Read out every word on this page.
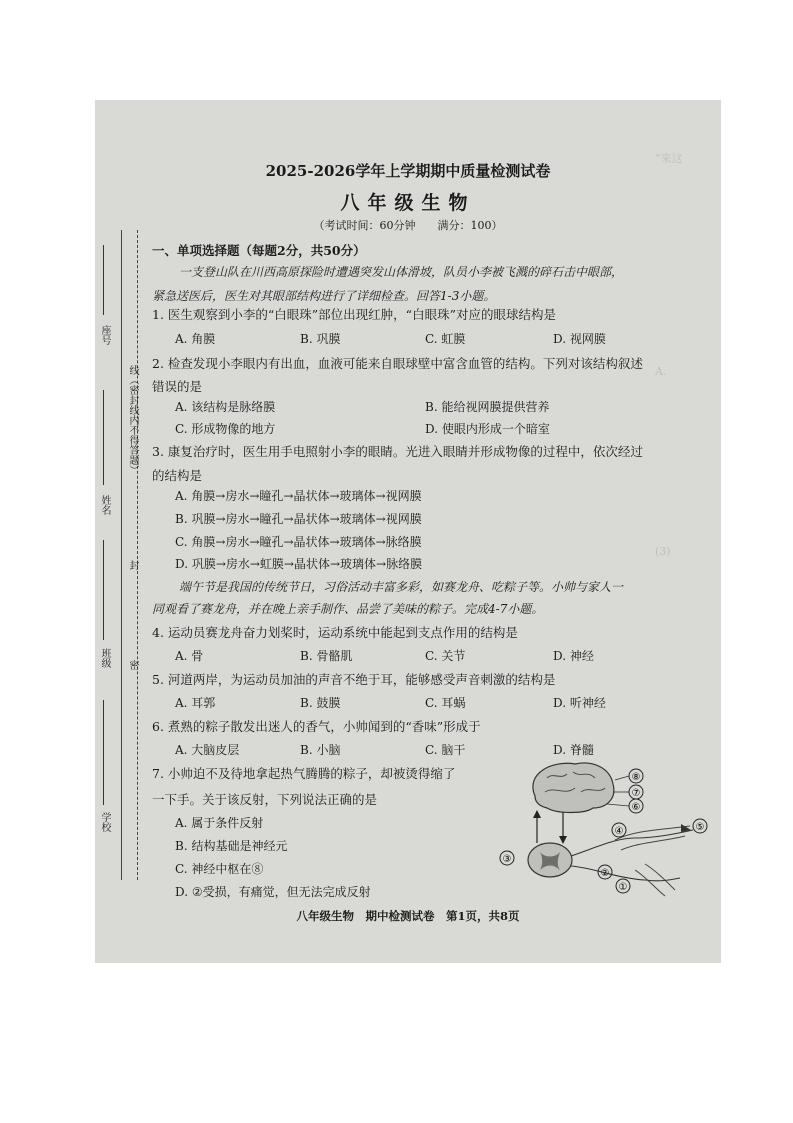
“来这
A.
(3)
座号
姓名
班级
学校
线（密封线内不得答题）
封
密
2025-2026学年上学期期中质量检测试卷
八年级生物
（考试时间：60分钟　　满分：100）
一、单项选择题（每题2分，共50分）
一支登山队在川西高原探险时遭遇突发山体滑坡，队员小李被飞溅的碎石击中眼部，
紧急送医后，医生对其眼部结构进行了详细检查。回答1-3小题。
1. 医生观察到小李的“白眼珠”部位出现红肿，“白眼珠”对应的眼球结构是
A. 角膜	B. 巩膜	C. 虹膜	D. 视网膜
2. 检查发现小李眼内有出血，血液可能来自眼球壁中富含血管的结构。下列对该结构叙述
错误的是
A. 该结构是脉络膜	B. 能给视网膜提供营养
C. 形成物像的地方	D. 使眼内形成一个暗室
3. 康复治疗时，医生用手电照射小李的眼睛。光进入眼睛并形成物像的过程中，依次经过
的结构是
A. 角膜→房水→瞳孔→晶状体→玻璃体→视网膜
B. 巩膜→房水→瞳孔→晶状体→玻璃体→视网膜
C. 角膜→房水→瞳孔→晶状体→玻璃体→脉络膜
D. 巩膜→房水→虹膜→晶状体→玻璃体→脉络膜
端午节是我国的传统节日，习俗活动丰富多彩，如赛龙舟、吃粽子等。小帅与家人一
同观看了赛龙舟，并在晚上亲手制作、品尝了美味的粽子。完成4-7小题。
4. 运动员赛龙舟奋力划桨时，运动系统中能起到支点作用的结构是
A. 骨	B. 骨骼肌	C. 关节	D. 神经
5. 河道两岸，为运动员加油的声音不绝于耳，能够感受声音刺激的结构是
A. 耳郭	B. 鼓膜	C. 耳蜗	D. 听神经
6. 煮熟的粽子散发出迷人的香气，小帅闻到的“香味”形成于
A. 大脑皮层	B. 小脑	C. 脑干	D. 脊髓
7. 小帅迫不及待地拿起热气腾腾的粽子，却被烫得缩了
一下手。关于该反射，下列说法正确的是
A. 属于条件反射
B. 结构基础是神经元
C. 神经中枢在⑧
D. ②受损，有痛觉，但无法完成反射
③
④	⑤
②
①
⑧
⑦
⑥
八年级生物　期中检测试卷　第1页，共8页
